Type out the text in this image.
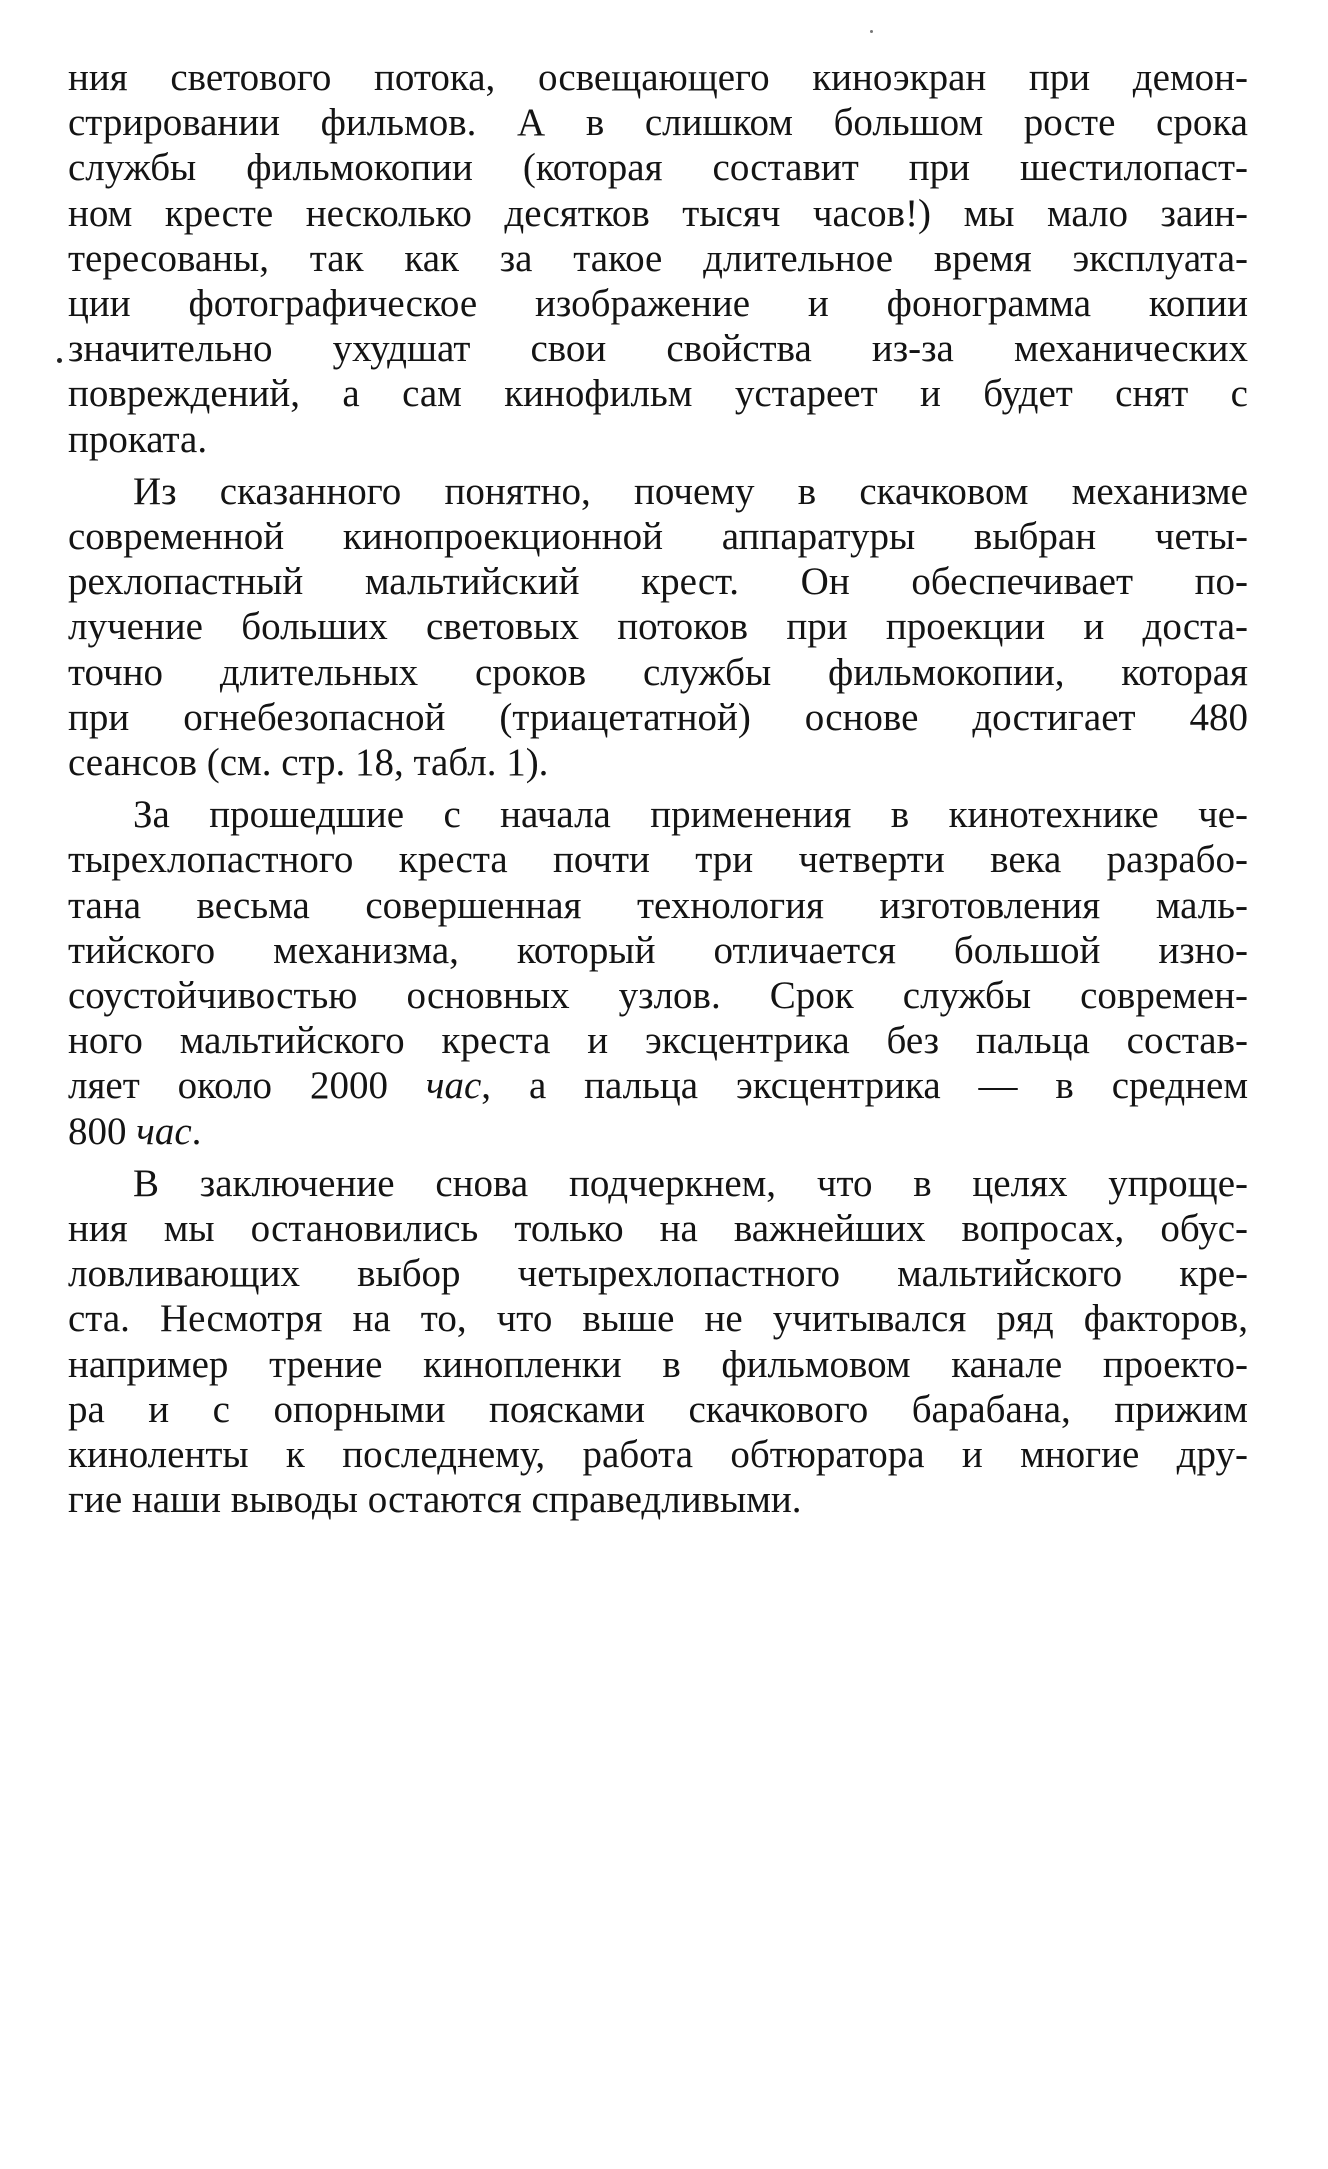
ния светового потока, освещающего киноэкран при демон-
стрировании фильмов. А в слишком большом росте срока
службы фильмокопии (которая составит при шестилопаст-
ном кресте несколько десятков тысяч часов!) мы мало заин-
тересованы, так как за такое длительное время эксплуата-
ции фотографическое изображение и фонограмма копии
значительно ухудшат свои свойства из-за механических
повреждений, а сам кинофильм устареет и будет снят с
проката.

Из сказанного понятно, почему в скачковом механизме
современной кинопроекционной аппаратуры выбран четы-
рехлопастный мальтийский крест. Он обеспечивает по-
лучение больших световых потоков при проекции и доста-
точно длительных сроков службы фильмокопии, которая
при огнебезопасной (триацетатной) основе достигает 480
сеансов (см. стр. 18, табл. 1).

За прошедшие с начала применения в кинотехнике че-
тырехлопастного креста почти три четверти века разрабо-
тана весьма совершенная технология изготовления маль-
тийского механизма, который отличается большой изно-
соустойчивостью основных узлов. Срок службы современ-
ного мальтийского креста и эксцентрика без пальца состав-
ляет около 2000 час, а пальца эксцентрика — в среднем
800 час.

В заключение снова подчеркнем, что в целях упроще-
ния мы остановились только на важнейших вопросах, обус-
ловливающих выбор четырехлопастного мальтийского кре-
ста. Несмотря на то, что выше не учитывался ряд факторов,
например трение кинопленки в фильмовом канале проекто-
ра и с опорными поясками скачкового барабана, прижим
киноленты к последнему, работа обтюратора и многие дру-
гие наши выводы остаются справедливыми.
